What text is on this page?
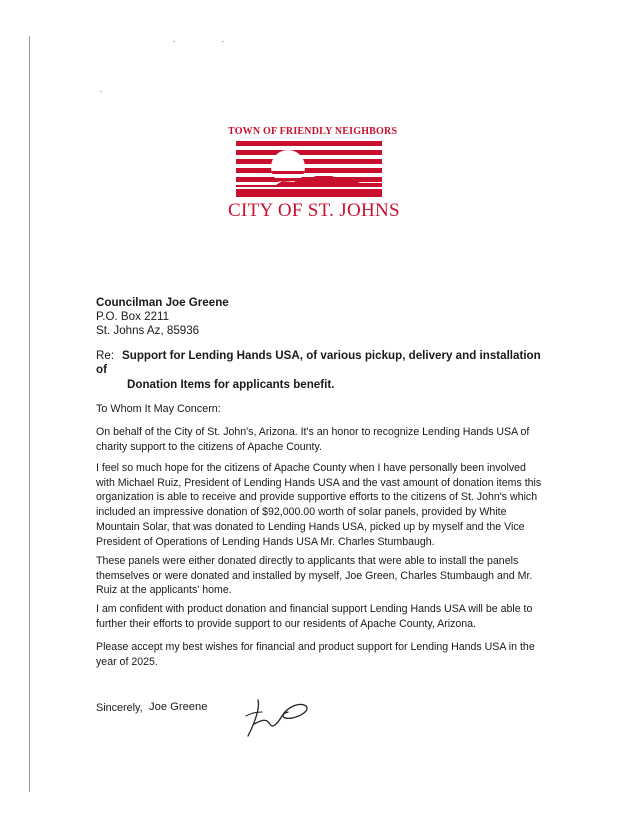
TOWN OF FRIENDLY NEIGHBORS
CITY OF ST. JOHNS
Councilman Joe Greene
P.O. Box 2211
St. Johns Az, 85936
Re: Support for Lending Hands USA, of various pickup, delivery and installation
of
Donation Items for applicants benefit.
To Whom It May Concern:
On behalf of the City of St. John's, Arizona. It's an honor to recognize Lending Hands USA of
charity support to the citizens of Apache County.
I feel so much hope for the citizens of Apache County when I have personally been involved
with Michael Ruiz, President of Lending Hands USA and the vast amount of donation items this
organization is able to receive and provide supportive efforts to the citizens of St. John's which
included an impressive donation of $92,000.00 worth of solar panels, provided by White
Mountain Solar, that was donated to Lending Hands USA, picked up by myself and the Vice
President of Operations of Lending Hands USA Mr. Charles Stumbaugh.
These panels were either donated directly to applicants that were able to install the panels
themselves or were donated and installed by myself, Joe Green, Charles Stumbaugh and Mr.
Ruiz at the applicants' home.
I am confident with product donation and financial support Lending Hands USA will be able to
further their efforts to provide support to our residents of Apache County, Arizona.
Please accept my best wishes for financial and product support for Lending Hands USA in the
year of 2025.
Sincerely, Joe Greene
